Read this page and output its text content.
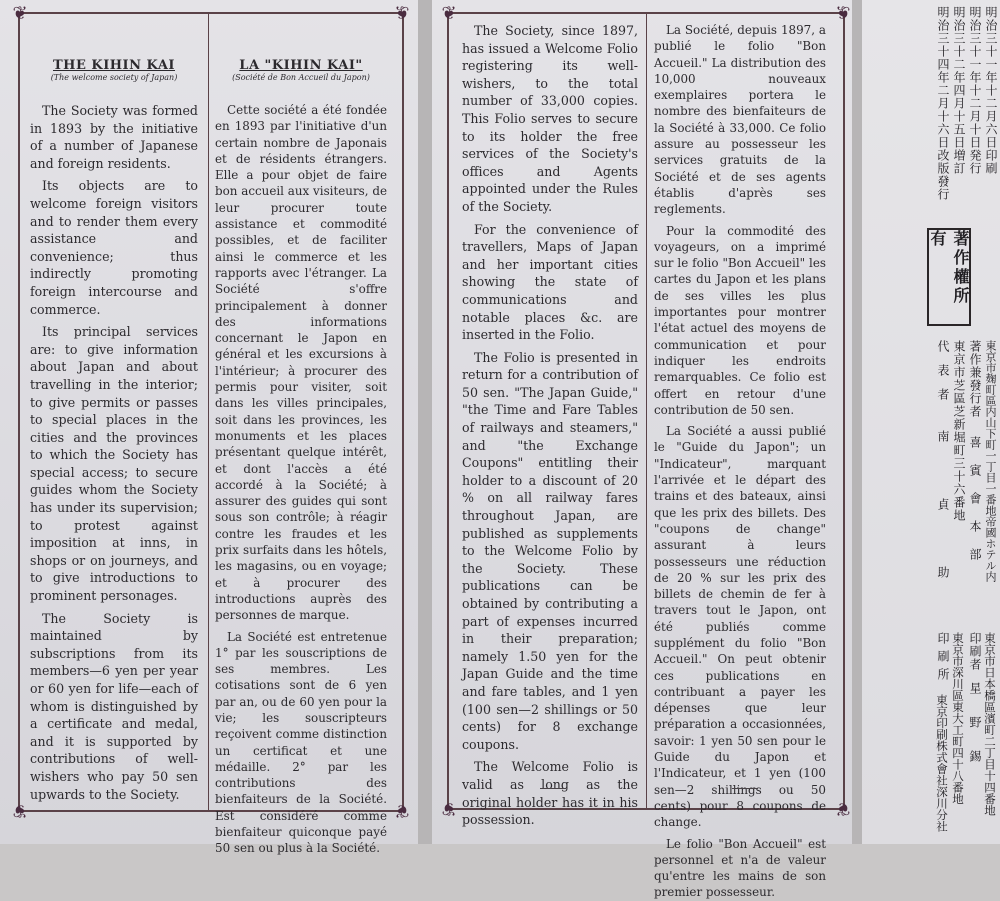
❦	❦
❦	❦

THE KIHIN KAI

(The welcome society of Japan)

The Society was formed in 1893 by the initiative of a number of Japanese and foreign residents.

Its objects are to welcome foreign visitors and to render them every assistance and convenience; thus indirectly promoting foreign intercourse and commerce.

Its principal services are: to give information about Japan and about travelling in the interior; to give permits or passes to special places in the cities and the provinces to which the Society has special access; to secure guides whom the Society has under its supervision; to protest against imposition at inns, in shops or on journeys, and to give introductions to prominent personages.

The Society is maintained by subscriptions from its members—6 yen per year or 60 yen for life—each of whom is distinguished by a certificate and medal, and it is supported by contributions of well-wishers who pay 50 sen upwards to the Society.

LA "KIHIN KAI"

(Société de Bon Accueil du Japon)

Cette société a été fondée en 1893 par l'initiative d'un certain nombre de Japonais et de résidents étrangers. Elle a pour objet de faire bon accueil aux visiteurs, de leur procurer toute assistance et commodité possibles, et de faciliter ainsi le commerce et les rapports avec l'étranger. La Société s'offre principalement à donner des informations concernant le Japon en général et les excursions à l'intérieur; à procurer des permis pour visiter, soit dans les villes principales, soit dans les provinces, les monuments et les places présentant quelque intérêt, et dont l'accès a été accordé à la Société; à assurer des guides qui sont sous son contrôle; à réagir contre les fraudes et les prix surfaits dans les hôtels, les magasins, ou en voyage; et à procurer des introductions auprès des personnes de marque.

La Société est entretenue 1° par les souscriptions de ses membres. Les cotisations sont de 6 yen par an, ou de 60 yen pour la vie; les souscripteurs reçoivent comme distinction un certificat et une médaille. 2° par les contributions des bienfaiteurs de la Société. Est considéré comme bienfaiteur quiconque payé 50 sen ou plus à la Société.

❦	❦
❦	❦

The Society, since 1897, has issued a Welcome Folio registering its well-wishers, to the total number of 33,000 copies. This Folio serves to secure to its holder the free services of the Society's offices and Agents appointed under the Rules of the Society.

For the convenience of travellers, Maps of Japan and her important cities showing the state of communications and notable places &c. are inserted in the Folio.

The Folio is presented in return for a contribution of 50 sen. "The Japan Guide," "the Time and Fare Tables of railways and steamers," and "the Exchange Coupons" entitling their holder to a discount of 20 % on all railway fares throughout Japan, are published as supplements to the Welcome Folio by the Society. These publications can be obtained by contributing a part of expenses incurred in their preparation; namely 1.50 yen for the Japan Guide and the time and fare tables, and 1 yen (100 sen—2 shillings or 50 cents) for 8 exchange coupons.

The Welcome Folio is valid as long as the original holder has it in his possession.

La Société, depuis 1897, a publié le folio "Bon Accueil." La distribution des 10,000 nouveaux exemplaires portera le nombre des bienfaiteurs de la Société à 33,000. Ce folio assure au possesseur les services gratuits de la Société et de ses agents établis d'après ses reglements.

Pour la commodité des voyageurs, on a imprimé sur le folio "Bon Accueil" les cartes du Japon et les plans de ses villes les plus importantes pour montrer l'état actuel des moyens de communication et pour indiquer les endroits remarquables. Ce folio est offert en retour d'une contribution de 50 sen.

La Société a aussi publié le "Guide du Japon"; un "Indicateur", marquant l'arrivée et le départ des trains et des bateaux, ainsi que les prix des billets. Des "coupons de change" assurant à leurs possesseurs une réduction de 20 % sur les prix des billets de chemin de fer à travers tout le Japon, ont été publiés comme supplément du folio "Bon Accueil." On peut obtenir ces publications en contribuant a payer les dépenses que leur préparation a occasionnées, savoir: 1 yen 50 sen pour le Guide du Japon et l'Indicateur, et 1 yen (100 sen—2 shillings ou 50 cents) pour 8 coupons de change.

Le folio "Bon Accueil" est personnel et n'a de valeur qu'entre les mains de son premier possesseur.

明治三十一年十二月六日印刷
明治三十一年十二月十日発行
明治三十二年四月十五日増訂
明治三十四年二月十六日改版發行
著作權所有
東京市麹町區内山下町一丁目一番地帝國ホテル内
著作兼發行者
喜賓會本部
東京市芝區芝新堀町三十六番地
代表者
南貞助
東京市日本橋區濱町二丁目十四番地
印刷者
星野錫
東京市深川區東大工町四十八番地
印刷所
東京印刷株式會社深川分社
